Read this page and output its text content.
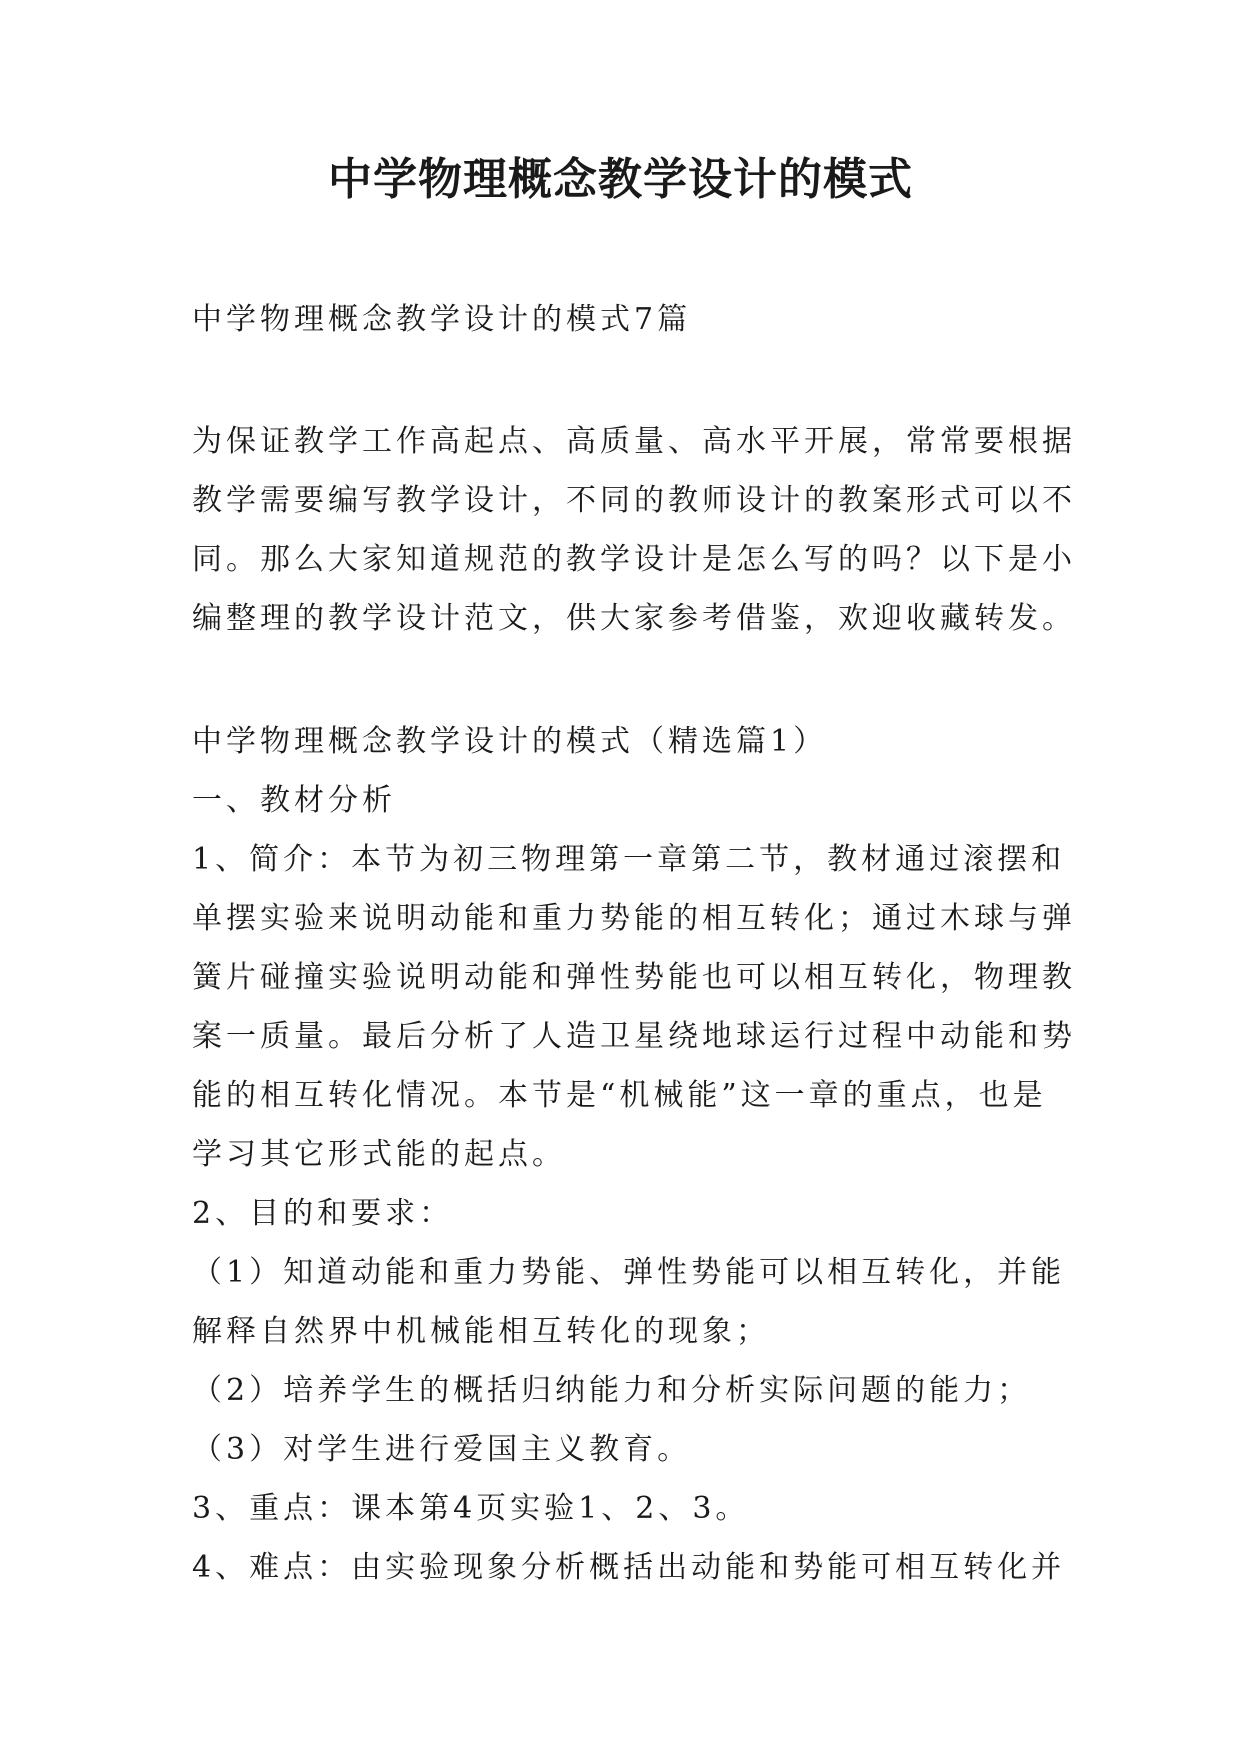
中学物理概念教学设计的模式

中学物理概念教学设计的模式7篇

为保证教学工作高起点、高质量、高水平开展，常常要根据

教学需要编写教学设计，不同的教师设计的教案形式可以不

同。那么大家知道规范的教学设计是怎么写的吗？以下是小

编整理的教学设计范文，供大家参考借鉴，欢迎收藏转发。

中学物理概念教学设计的模式（精选篇1）

一、教材分析

1、简介：本节为初三物理第一章第二节，教材通过滚摆和

单摆实验来说明动能和重力势能的相互转化；通过木球与弹

簧片碰撞实验说明动能和弹性势能也可以相互转化，物理教

案一质量。最后分析了人造卫星绕地球运行过程中动能和势

能的相互转化情况。本节是“机械能”这一章的重点，也是

学习其它形式能的起点。

2、目的和要求：

（1）知道动能和重力势能、弹性势能可以相互转化，并能

解释自然界中机械能相互转化的现象；

（2）培养学生的概括归纳能力和分析实际问题的能力；

（3）对学生进行爱国主义教育。

3、重点：课本第4页实验1、2、3。

4、难点：由实验现象分析概括出动能和势能可相互转化并
